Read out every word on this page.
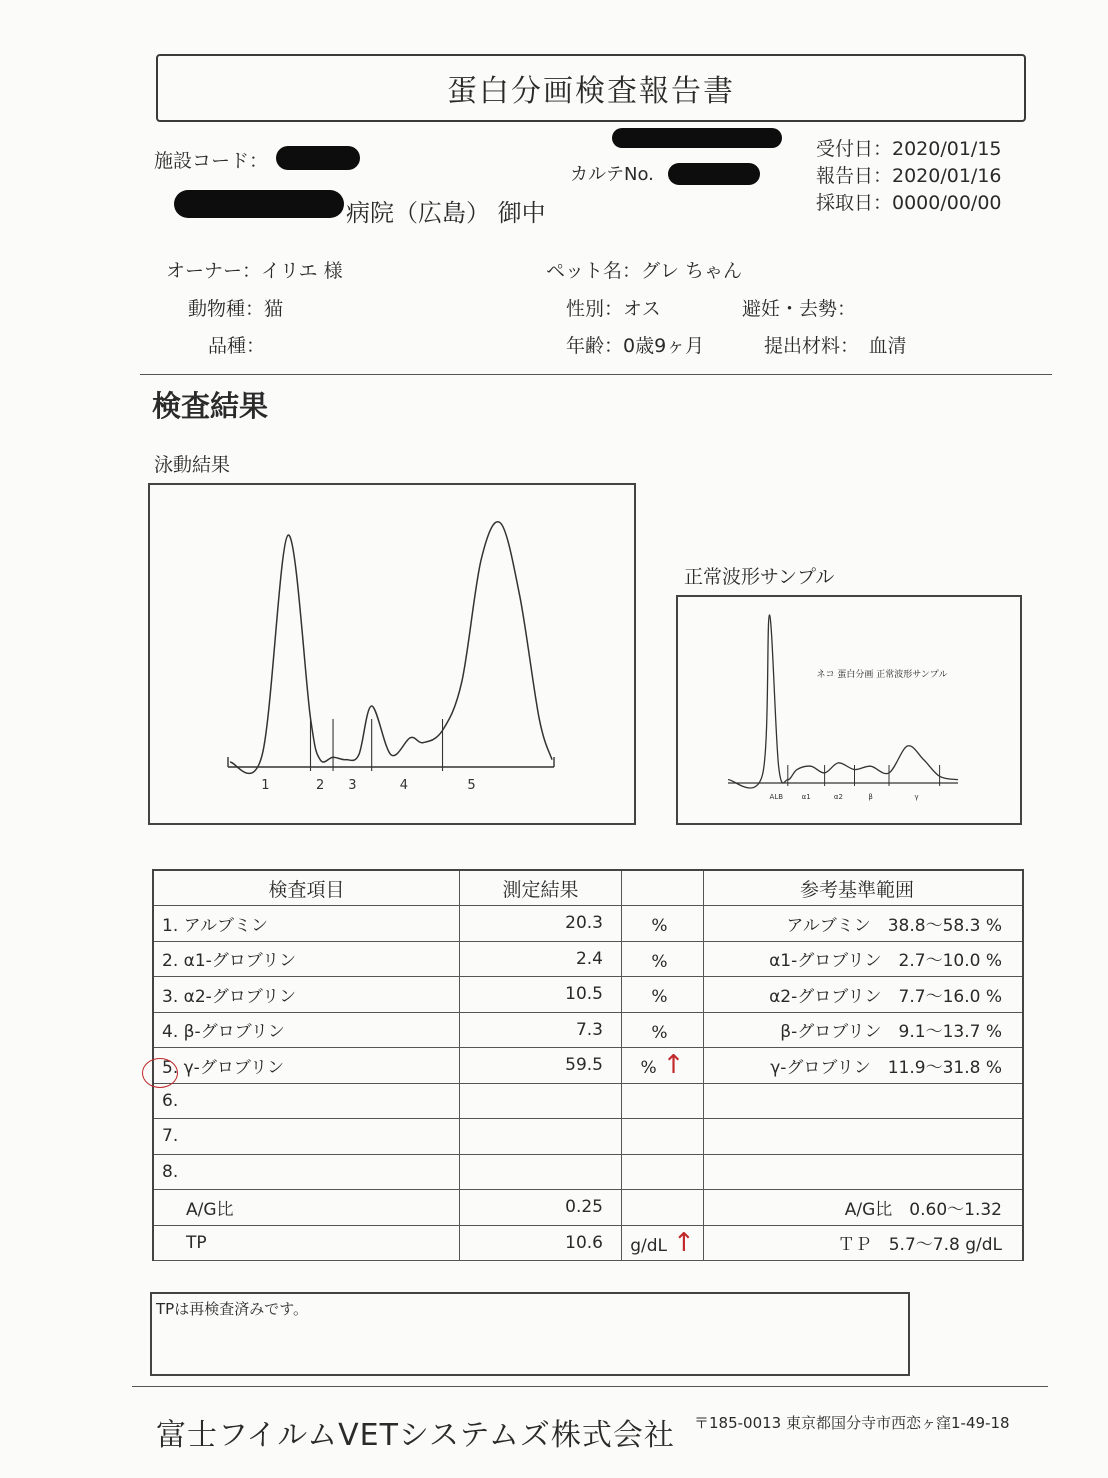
蛋白分画検査報告書
施設コード：
カルテNo.
病院（広島） 御中
受付日：2020/01/15
報告日：2020/01/16
採取日：0000/00/00
オーナー：イリエ 様	ペット名：グレ ちゃん
動物種：猫	性別：オス	避妊・去勢：
品種：	年齢：0歳9ヶ月	提出材料：　血清
検査結果
泳動結果
1	2 3	4	5
正常波形サンプル
ネコ 蛋白分画 正常波形サンプル
ALB	α1	α2	β	γ
検査項目	測定結果		参考基準範囲
1. アルブミン	20.3	%	アルブミン　38.8～58.3 %
2. α1-グロブリン	2.4	%	α1-グロブリン　2.7～10.0 %
3. α2-グロブリン	10.5	%	α2-グロブリン　7.7～16.0 %
4. β-グロブリン	7.3	%	β-グロブリン　9.1～13.7 %
5. γ-グロブリン	59.5	% ↑	γ-グロブリン　11.9～31.8 %
6.			
7.			
8.			
A/G比	0.25		A/G比　0.60～1.32
TP	10.6	g/dL ↑	ＴＰ　5.7～7.8 g/dL
TPは再検査済みです。
富士フイルムVETシステムズ株式会社 〒185-0013 東京都国分寺市西恋ヶ窪1-49-18
